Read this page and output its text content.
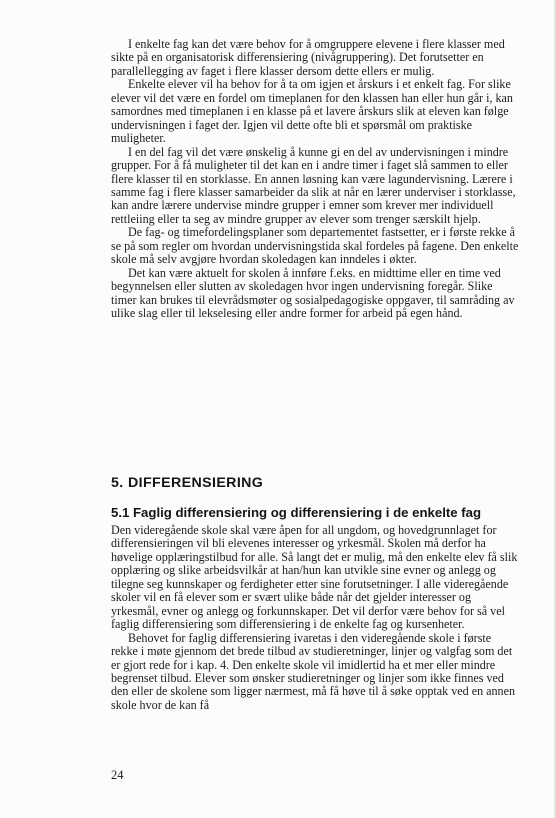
I enkelte fag kan det være behov for å omgruppere elevene i flere klasser med sikte på en organisatorisk differensiering (nivågruppering). Det forutsetter en parallellegging av faget i flere klasser dersom dette ellers er mulig.

Enkelte elever vil ha behov for å ta om igjen et årskurs i et enkelt fag. For slike elever vil det være en fordel om timeplanen for den klassen han eller hun går i, kan samordnes med timeplanen i en klasse på et lavere årskurs slik at eleven kan følge undervisningen i faget der. Igjen vil dette ofte bli et spørsmål om praktiske muligheter.

I en del fag vil det være ønskelig å kunne gi en del av undervisningen i mindre grupper. For å få muligheter til det kan en i andre timer i faget slå sammen to eller flere klasser til en storklasse. En annen løsning kan være lagundervisning. Lærere i samme fag i flere klasser samarbeider da slik at når en lærer underviser i storklasse, kan andre lærere undervise mindre grupper i emner som krever mer individuell rettleiing eller ta seg av mindre grupper av elever som trenger særskilt hjelp.

De fag- og timefordelingsplaner som departementet fastsetter, er i første rekke å se på som regler om hvordan undervisningstida skal fordeles på fagene. Den enkelte skole må selv avgjøre hvordan skoledagen kan inndeles i økter.

Det kan være aktuelt for skolen å innføre f.eks. en midttime eller en time ved begynnelsen eller slutten av skoledagen hvor ingen undervisning foregår. Slike timer kan brukes til elevrådsmøter og sosialpedagogiske oppgaver, til samråding av ulike slag eller til lekselesing eller andre former for arbeid på egen hånd.

5. DIFFERENSIERING
5.1 Faglig differensiering og differensiering i de enkelte fag

Den videregående skole skal være åpen for all ungdom, og hovedgrunnlaget for differensieringen vil bli elevenes interesser og yrkesmål. Skolen må derfor ha høvelige opplæringstilbud for alle. Så langt det er mulig, må den enkelte elev få slik opplæring og slike arbeidsvilkår at han/hun kan utvikle sine evner og anlegg og tilegne seg kunnskaper og ferdigheter etter sine forutsetninger. I alle videregående skoler vil en få elever som er svært ulike både når det gjelder interesser og yrkesmål, evner og anlegg og forkunnskaper. Det vil derfor være behov for så vel faglig differensiering som differensiering i de enkelte fag og kursenheter.

Behovet for faglig differensiering ivaretas i den videregående skole i første rekke i møte gjennom det brede tilbud av studieretninger, linjer og valgfag som det er gjort rede for i kap. 4. Den enkelte skole vil imidlertid ha et mer eller mindre begrenset tilbud. Elever som ønsker studieretninger og linjer som ikke finnes ved den eller de skolene som ligger nærmest, må få høve til å søke opptak ved en annen skole hvor de kan få

24
